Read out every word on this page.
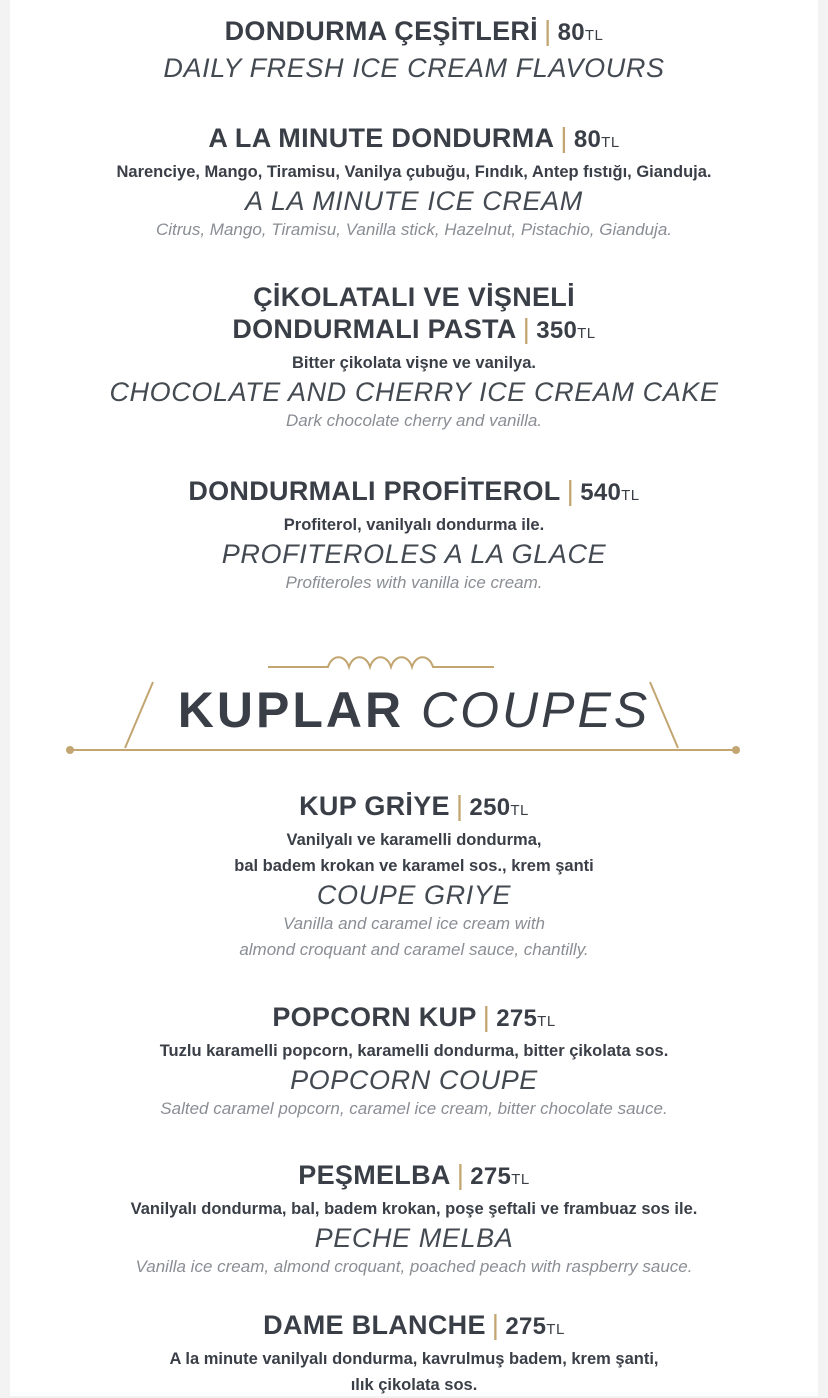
DONDURMA ÇEŞİTLERİ | 80TL
DAILY FRESH ICE CREAM FLAVOURS
A LA MINUTE DONDURMA | 80TL
Narenciye, Mango, Tiramisu, Vanilya çubuğu, Fındık, Antep fıstığı, Gianduja.
A LA MINUTE ICE CREAM
Citrus, Mango, Tiramisu, Vanilla stick, Hazelnut, Pistachio, Gianduja.
ÇİKOLATALI VE VİŞNELİ
DONDURMALI PASTA | 350TL
Bitter çikolata vişne ve vanilya.
CHOCOLATE AND CHERRY ICE CREAM CAKE
Dark chocolate cherry and vanilla.
DONDURMALI PROFİTEROL | 540TL
Profiterol, vanilyalı dondurma ile.
PROFITEROLES A LA GLACE
Profiteroles with vanilla ice cream.
KUPLAR COUPES
KUP GRİYE | 250TL
Vanilyalı ve karamelli dondurma,
bal badem krokan ve karamel sos., krem şanti
COUPE GRIYE
Vanilla and caramel ice cream with
almond croquant and caramel sauce, chantilly.
POPCORN KUP | 275TL
Tuzlu karamelli popcorn, karamelli dondurma, bitter çikolata sos.
POPCORN COUPE
Salted caramel popcorn, caramel ice cream, bitter chocolate sauce.
PEŞMELBA | 275TL
Vanilyalı dondurma, bal, badem krokan, poşe şeftali ve frambuaz sos ile.
PECHE MELBA
Vanilla ice cream, almond croquant, poached peach with raspberry sauce.
DAME BLANCHE | 275TL
A la minute vanilyalı dondurma, kavrulmuş badem, krem şanti,
ılık çikolata sos.
